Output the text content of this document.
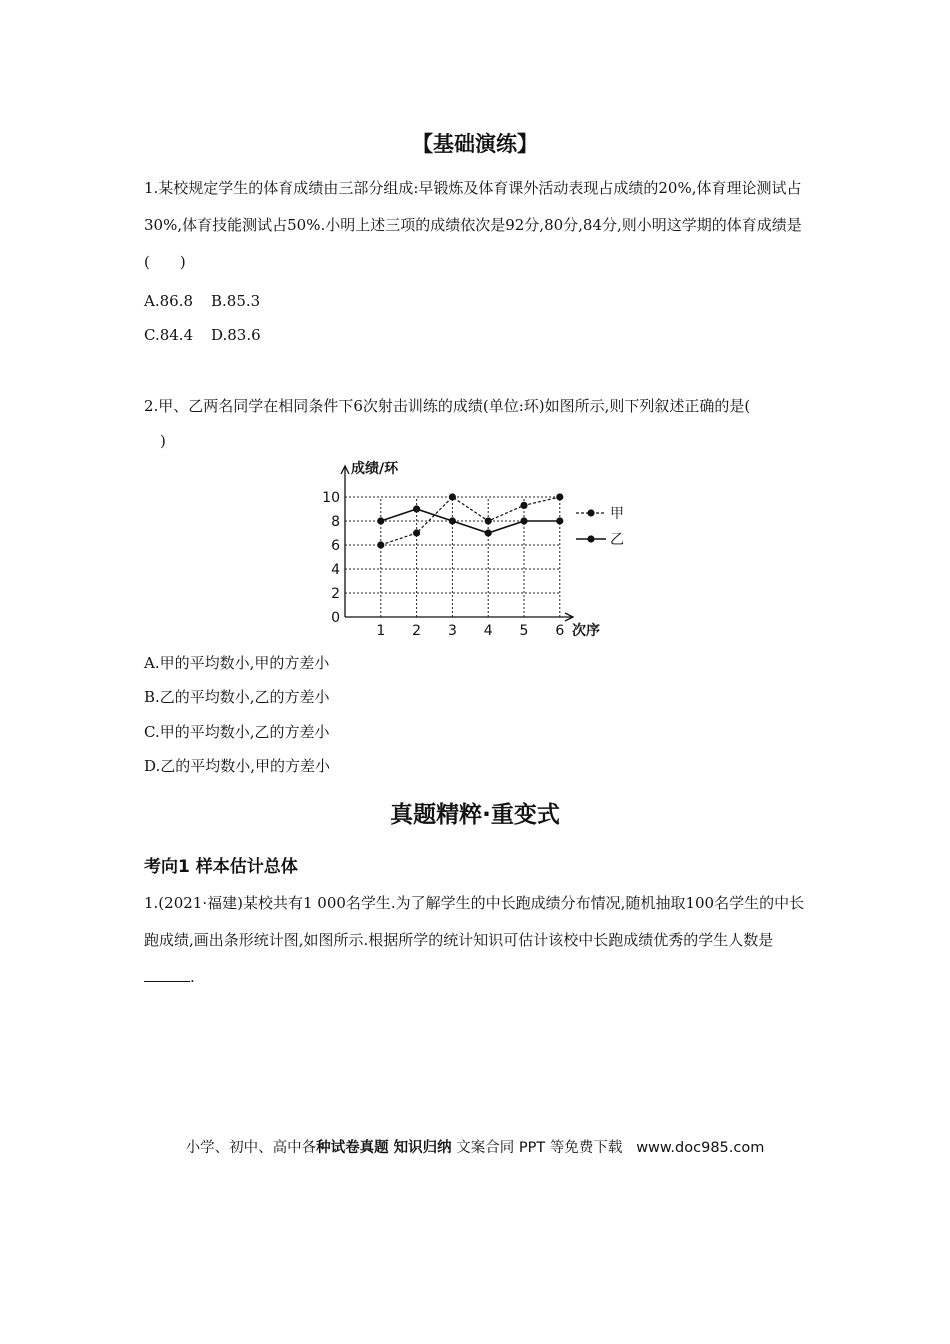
【基础演练】
1.某校规定学生的体育成绩由三部分组成:早锻炼及体育课外活动表现占成绩的20%,体育理论测试占30%,体育技能测试占50%.小明上述三项的成绩依次是92分,80分,84分,则小明这学期的体育成绩是(　　)
A.86.8 B.85.3
C.84.4 D.83.6
2.甲、乙两名同学在相同条件下6次射击训练的成绩(单位:环)如图所示,则下列叙述正确的是(
)
0
2
4
6
8
10
1 2 3 4 5 6
成绩/环
次序
甲
乙
A.甲的平均数小,甲的方差小
B.乙的平均数小,乙的方差小
C.甲的平均数小,乙的方差小
D.乙的平均数小,甲的方差小
真题精粹·重变式
考向1 样本估计总体
1.(2021·福建)某校共有1 000名学生.为了解学生的中长跑成绩分布情况,随机抽取100名学生的中长跑成绩,画出条形统计图,如图所示.根据所学的统计知识可估计该校中长跑成绩优秀的学生人数是.
小学、初中、高中各种试卷真题 知识归纳 文案合同 PPT 等免费下载 www.doc985.com
